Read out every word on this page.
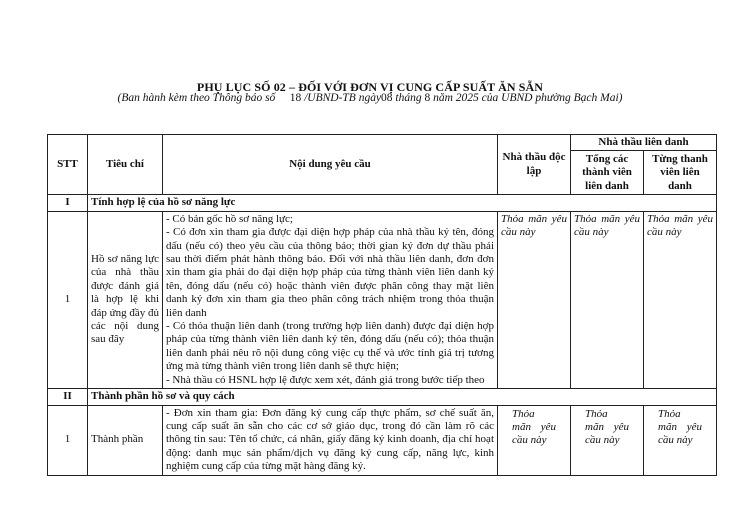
PHỤ LỤC SỐ 02 – ĐỐI VỚI ĐƠN VỊ CUNG CẤP SUẤT ĂN SẴN
(Ban hành kèm theo Thông báo số 18 /UBND-TB ngày08 tháng 8 năm 2025 của UBND phường Bạch Mai)
STT	Tiêu chí	Nội dung yêu cầu	Nhà thầu độc lập	Nhà thầu liên danh	
				Tổng các thành viên liên danh	Từng thanh viên liên danh
I	Tính hợp lệ của hồ sơ năng lực				
1	Hồ sơ năng lực của nhà thầu được đánh giá là hợp lệ khi đáp ứng đầy đủ các nội dung sau đây	- Có bản gốc hồ sơ năng lực;

- Có đơn xin tham gia được đại diện hợp pháp của nhà thầu ký tên, đóng dấu (nếu có) theo yêu cầu của thông báo; thời gian ký đơn dự thầu phải sau thời điểm phát hành thông báo. Đối với nhà thầu liên danh, đơn đơn xin tham gia phải do đại diện hợp pháp của từng thành viên liên danh ký tên, đóng dấu (nếu có) hoặc thành viên được phân công thay mặt liên danh ký đơn xin tham gia theo phân công trách nhiệm trong thỏa thuận liên danh

- Có thỏa thuận liên danh (trong trường hợp liên danh) được đại diện hợp pháp của từng thành viên liên danh ký tên, đóng dấu (nếu có); thỏa thuận liên danh phải nêu rõ nội dung công việc cụ thể và ước tính giá trị tương ứng mà từng thành viên trong liên danh sẽ thực hiện;

- Nhà thầu có HSNL hợp lệ được xem xét, đánh giá trong bước tiếp theo	Thỏa mãn yêu cầu này	Thỏa mãn yêu cầu này	Thỏa mãn yêu cầu này
II	Thành phần hồ sơ và quy cách				
1	Thành phần	- Đơn xin tham gia: Đơn đăng ký cung cấp thực phẩm, sơ chế suất ăn, cung cấp suất ăn sẵn cho các cơ sở giáo dục, trong đó cần làm rõ các thông tin sau: Tên tổ chức, cá nhân, giấy đăng ký kinh doanh, địa chỉ hoạt động: danh mục sản phẩm/dịch vụ đăng ký cung cấp, năng lực, kinh nghiệm cung cấp của từng mặt hàng đăng ký.	Thỏa mãn yêu cầu này	Thỏa mãn yêu cầu này	Thỏa mãn yêu cầu này
